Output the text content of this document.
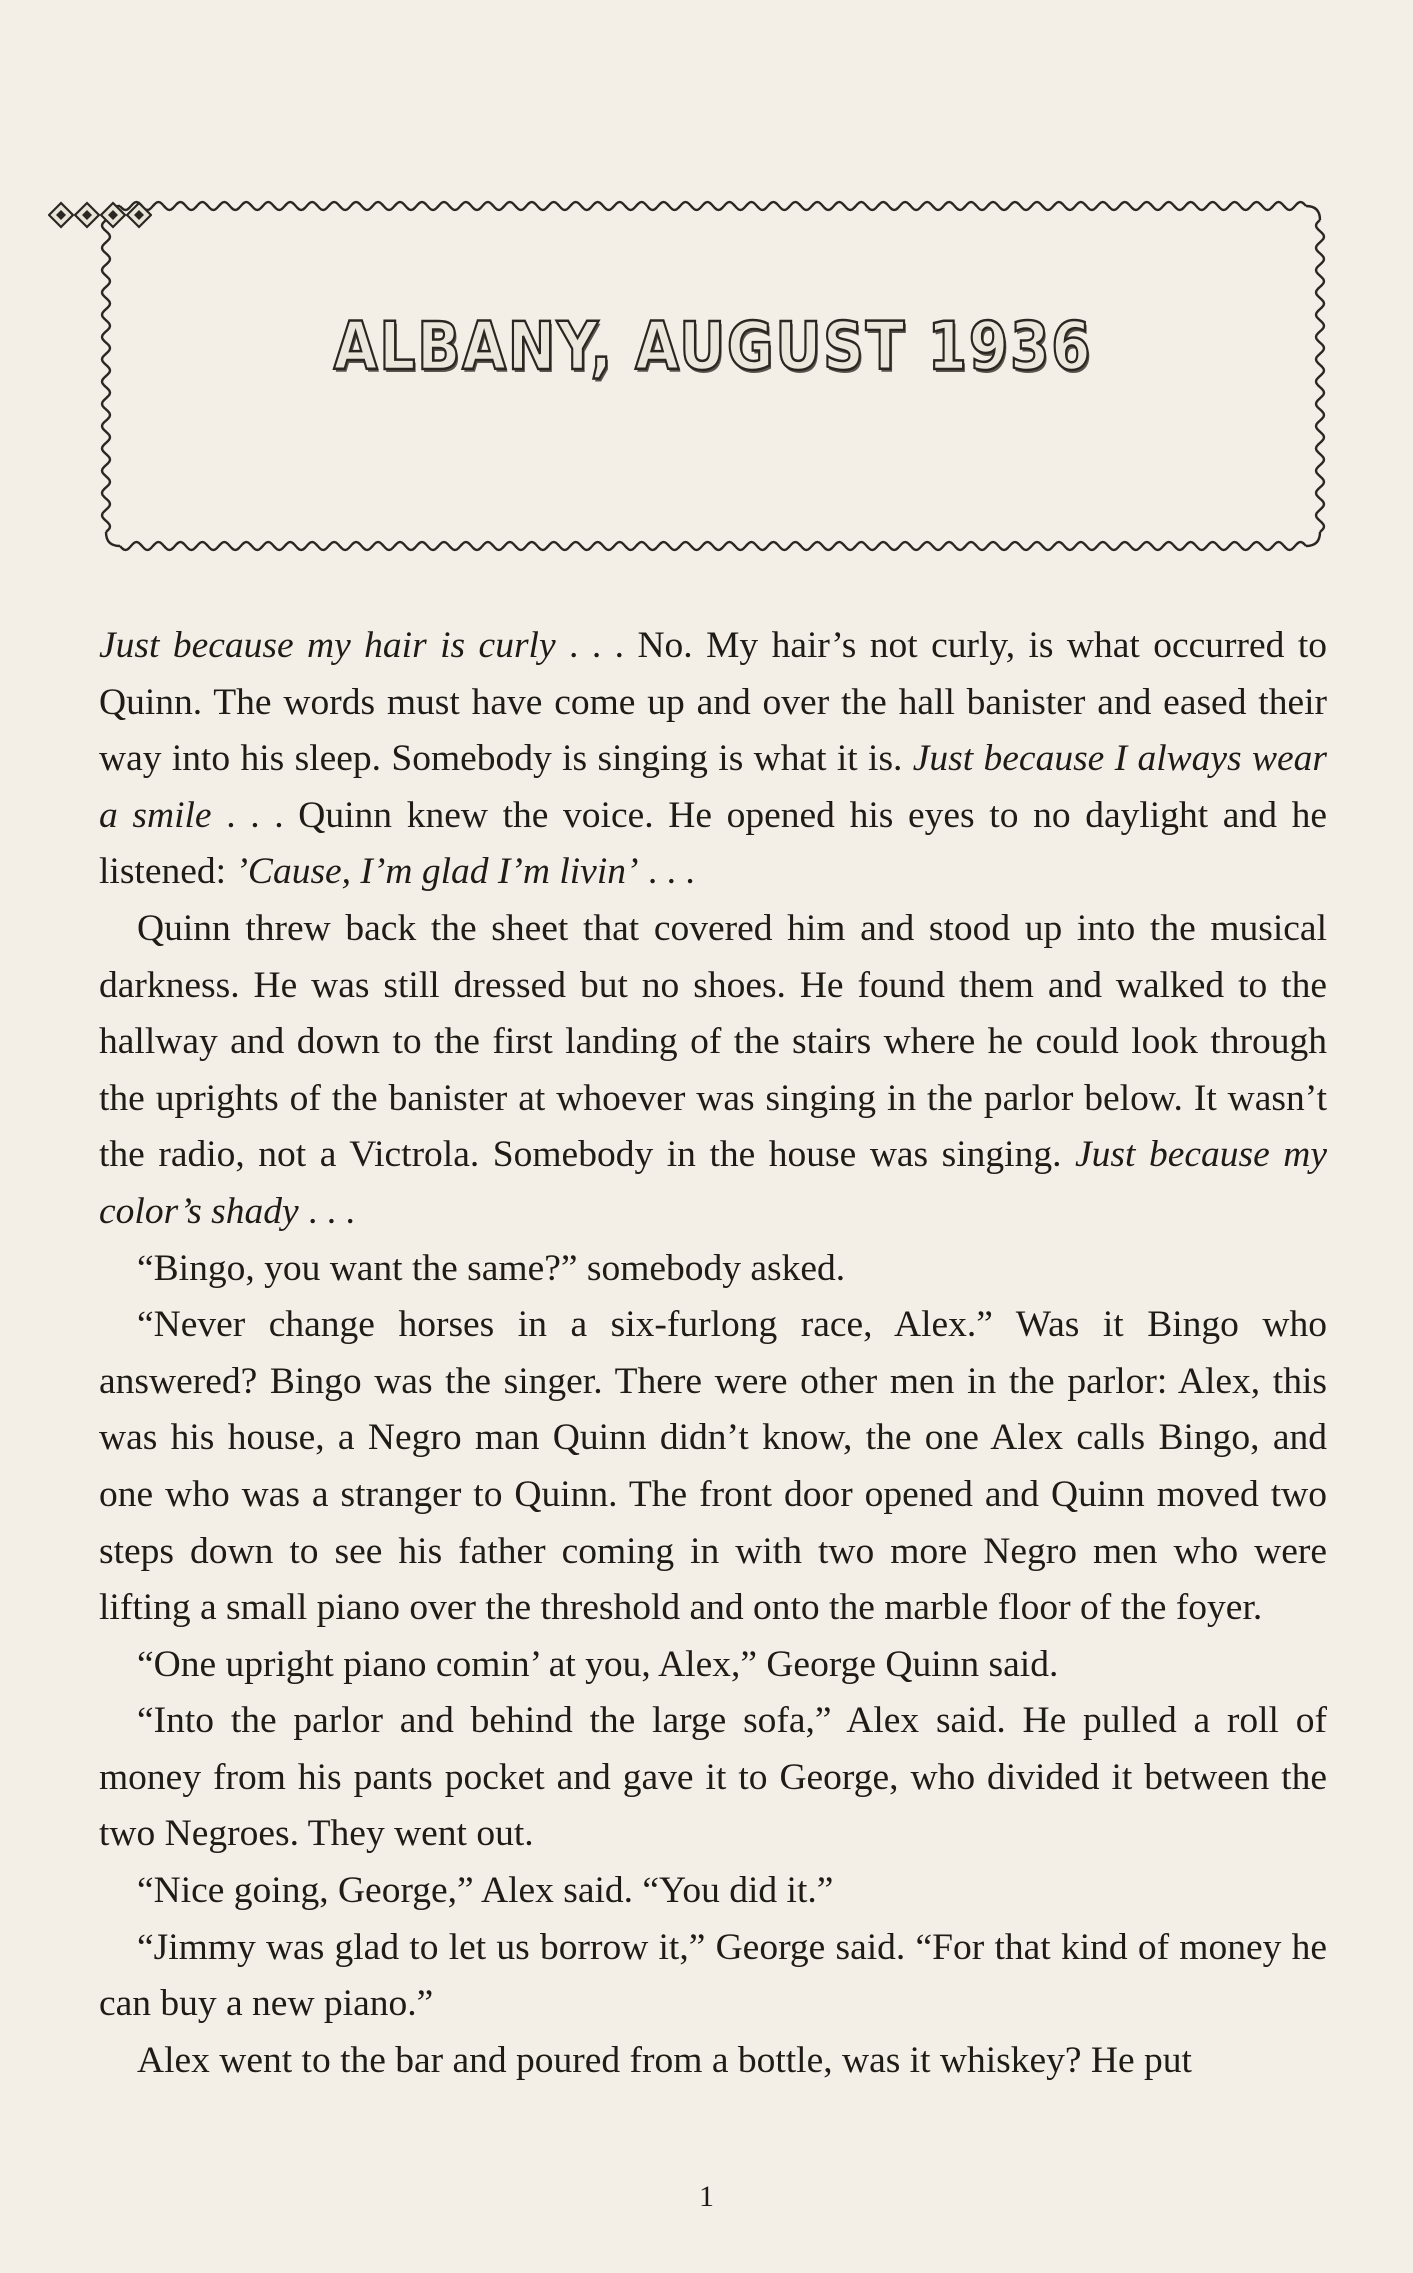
ALBANY, AUGUST 1936

Just because my hair is curly . . . No. My hair’s not curly, is what occurred to Quinn. The words must have come up and over the hall banister and eased their way into his sleep. Somebody is singing is what it is. Just because I always wear a smile . . . Quinn knew the voice. He opened his eyes to no daylight and he listened: ’Cause, I’m glad I’m livin’ . . .

Quinn threw back the sheet that covered him and stood up into the musical darkness. He was still dressed but no shoes. He found them and walked to the hallway and down to the first landing of the stairs where he could look through the uprights of the banister at whoever was singing in the parlor below. It wasn’t the radio, not a Victrola. Somebody in the house was singing. Just because my color’s shady . . .

“Bingo, you want the same?” somebody asked.

“Never change horses in a six-furlong race, Alex.” Was it Bingo who answered? Bingo was the singer. There were other men in the parlor: Alex, this was his house, a Negro man Quinn didn’t know, the one Alex calls Bingo, and one who was a stranger to Quinn. The front door opened and Quinn moved two steps down to see his father coming in with two more Negro men who were lifting a small piano over the threshold and onto the marble floor of the foyer.

“One upright piano comin’ at you, Alex,” George Quinn said.

“Into the parlor and behind the large sofa,” Alex said. He pulled a roll of money from his pants pocket and gave it to George, who divided it between the two Negroes. They went out.

“Nice going, George,” Alex said. “You did it.”

“Jimmy was glad to let us borrow it,” George said. “For that kind of money he can buy a new piano.”

Alex went to the bar and poured from a bottle, was it whiskey? He put

1
